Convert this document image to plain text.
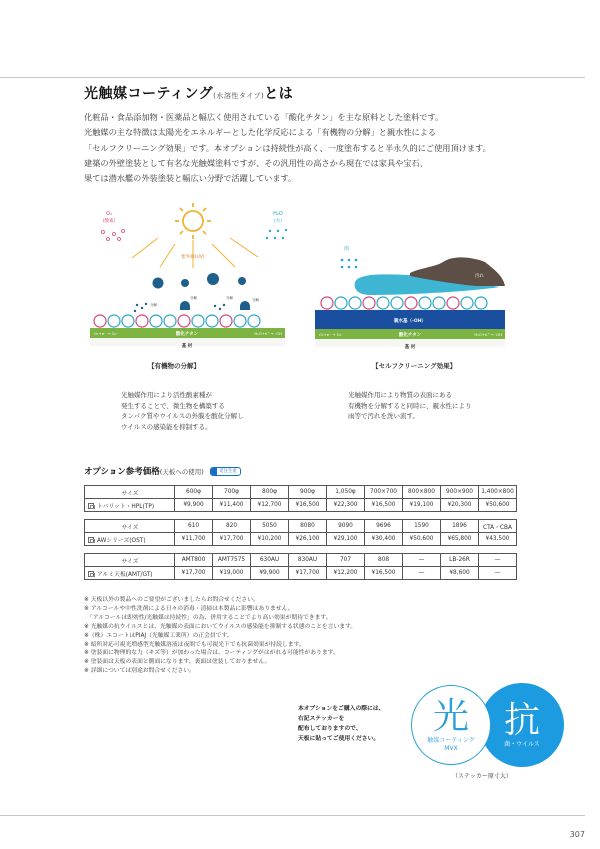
光触媒コーティング(水溶性タイプ)とは

化粧品・食品添加物・医薬品と幅広く使用されている「酸化チタン」を主な原料とした塗料です。

光触媒の主な特徴は太陽光をエネルギーとした化学反応による「有機物の分解」と親水性による

「セルフクリーニング効果」です。本オプションは持続性が高く、一度塗布すると半永久的にご使用頂けます。

建築の外壁塗装として有名な光触媒塗料ですが、その汎用性の高さから現在では家具や宝石、

果ては潜水艦の外装塗装と幅広い分野で活躍しています。

O₂
(酸素)
H₂O
(水)
紫外線(UV)
分解
分解	分解	分解
O₂+e⁻ → O₂⁻	酸化チタン	H₂O+h⁺ → ·OH
基 材
【有機物の分解】

光触媒作用により活性酸素種が

発生することで、微生物を構築する

タンパク質やウイルスの外膜を酸化分解し

ウイルスの感染能を抑制する。

雨
汚れ
親水基（-OH）
O₂+e⁻ → O₂⁻	酸化チタン	H₂O+h⁺ → ·OH
基 材
【セルフクリーニング効果】

光触媒作用により物質の表面にある

有機物を分解すると同時に、親水性により

雨等で汚れを洗い流す。

オプション参考価格(天板への使用)	受注生産
サイズ	600φ	700φ	800φ	900φ	1,050φ	700×700	800×800	900×900	1,400×800
トパリット・HPL(TP)	¥9,900	¥11,400	¥12,700	¥16,500	¥22,300	¥16,500	¥19,100	¥20,300	¥50,600
サイズ	610	820	5050	8080	9090	9696	1590	1896	CTA・CBA
AWシリーズ(OST)	¥11,700	¥17,700	¥10,200	¥26,100	¥29,100	¥30,400	¥50,600	¥65,800	¥43,500
サイズ	AMT800	AMT7575	630AU	830AU	707	808	—	LB-26R	—
アルミ天板(AMT/GT)	¥17,700	¥19,000	¥9,900	¥17,700	¥12,200	¥16,500	—	¥8,600	—
※ 天板以外の製品へのご要望がございましたらお問合せください。
※ アルコールや中性洗剤による日々の消毒・清掃は本製品に影響はありません。
　「アルコールは即効性/光触媒は持続性」の為、併用することでより高い効果が期待できます。
※ 光触媒の抗ウイルスとは、光触媒の表面においてウイルスの感染能を抑制する状態のことを言います。
※（株）エコートはPIAJ（光触媒工業所）の正会員です。
※ 暗所対応可視光増感型光触媒溶液は夜間でも可視光下でも抗菌効果が持続します。
※ 塗装面に物理的な力（キズ等）が加わった場合は、コーティングがはがれる可能性があります。
※ 塗装面は天板の表面と側面になります。裏面は塗装しておりません。
※ 詳細については別途お問合せください。

本オプションをご購入の際には、

右記ステッカーを

配布しておりますので、

天板に貼ってご使用ください。	抗
菌・ウイルス
光
触媒コーティング
MVX
（ステッカー原寸大）
307
